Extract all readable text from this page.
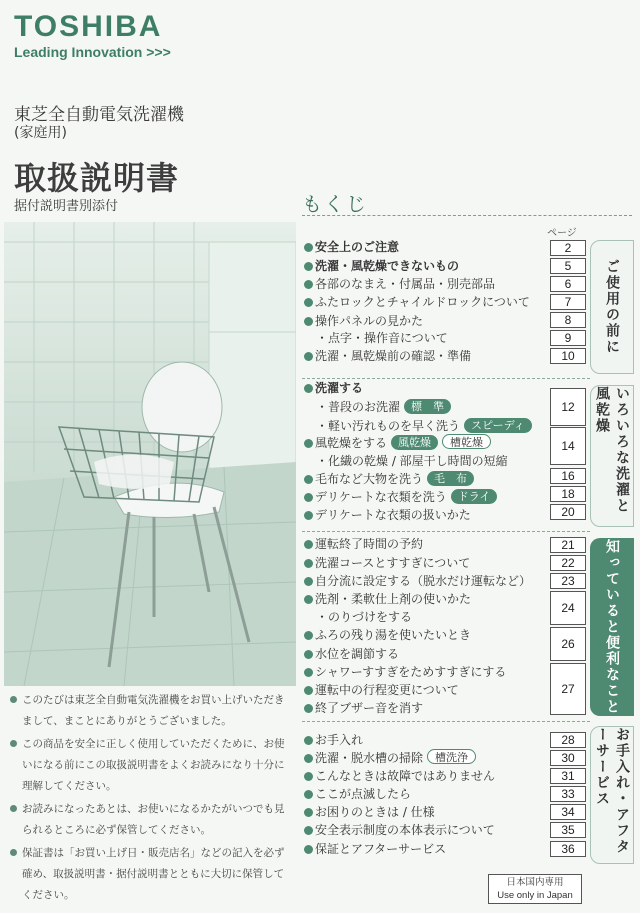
TOSHIBA
Leading Innovation >>>
東芝全自動電気洗濯機
(家庭用)
取扱説明書
据付説明書別添付
このたびは東芝全自動電気洗濯機をお買い上げいただきまして、まことにありがとうございました。
この商品を安全に正しく使用していただくために、お使いになる前にこの取扱説明書をよくお読みになり十分に理解してください。
お読みになったあとは、お使いになるかたがいつでも見られるところに必ず保管してください。
保証書は「お買い上げ日・販売店名」などの記入を必ず確め、取扱説明書・据付説明書とともに大切に保管してください。
もくじ
ページ
ご使用の前に
いろいろな洗濯と風乾燥
知っていると便利なこと
お手入れ・アフターサービス
安全上のご注意
洗濯・風乾燥できないもの
各部のなまえ・付属品・別売部品
ふたロックとチャイルドロックについて
操作パネルの見かた
・点字・操作音について
洗濯・風乾燥前の確認・準備
洗濯する
・普段のお洗濯 標　準
・軽い汚れものを早く洗う スピーディ
風乾燥をする 風乾燥 槽乾燥
・化繊の乾燥 / 部屋干し時間の短縮
毛布など大物を洗う 毛　布
デリケートな衣類を洗う ドライ
デリケートな衣類の扱いかた
運転終了時間の予約
洗濯コースとすすぎについて
自分流に設定する（脱水だけ運転など）
洗剤・柔軟仕上剤の使いかた
・のりづけをする
ふろの残り湯を使いたいとき
水位を調節する
シャワーすすぎをためすすぎにする
運転中の行程変更について
終了ブザー音を消す
お手入れ
洗濯・脱水槽の掃除 槽洗浄
こんなときは故障ではありません
ここが点滅したら
お困りのときは / 仕様
安全表示制度の本体表示について
保証とアフターサービス
2
5
6
7
8
9
10
12
14
16
18
20
21
22
23
24
26
27
28
30
31
33
34
35
36
日本国内専用
Use only in Japan
